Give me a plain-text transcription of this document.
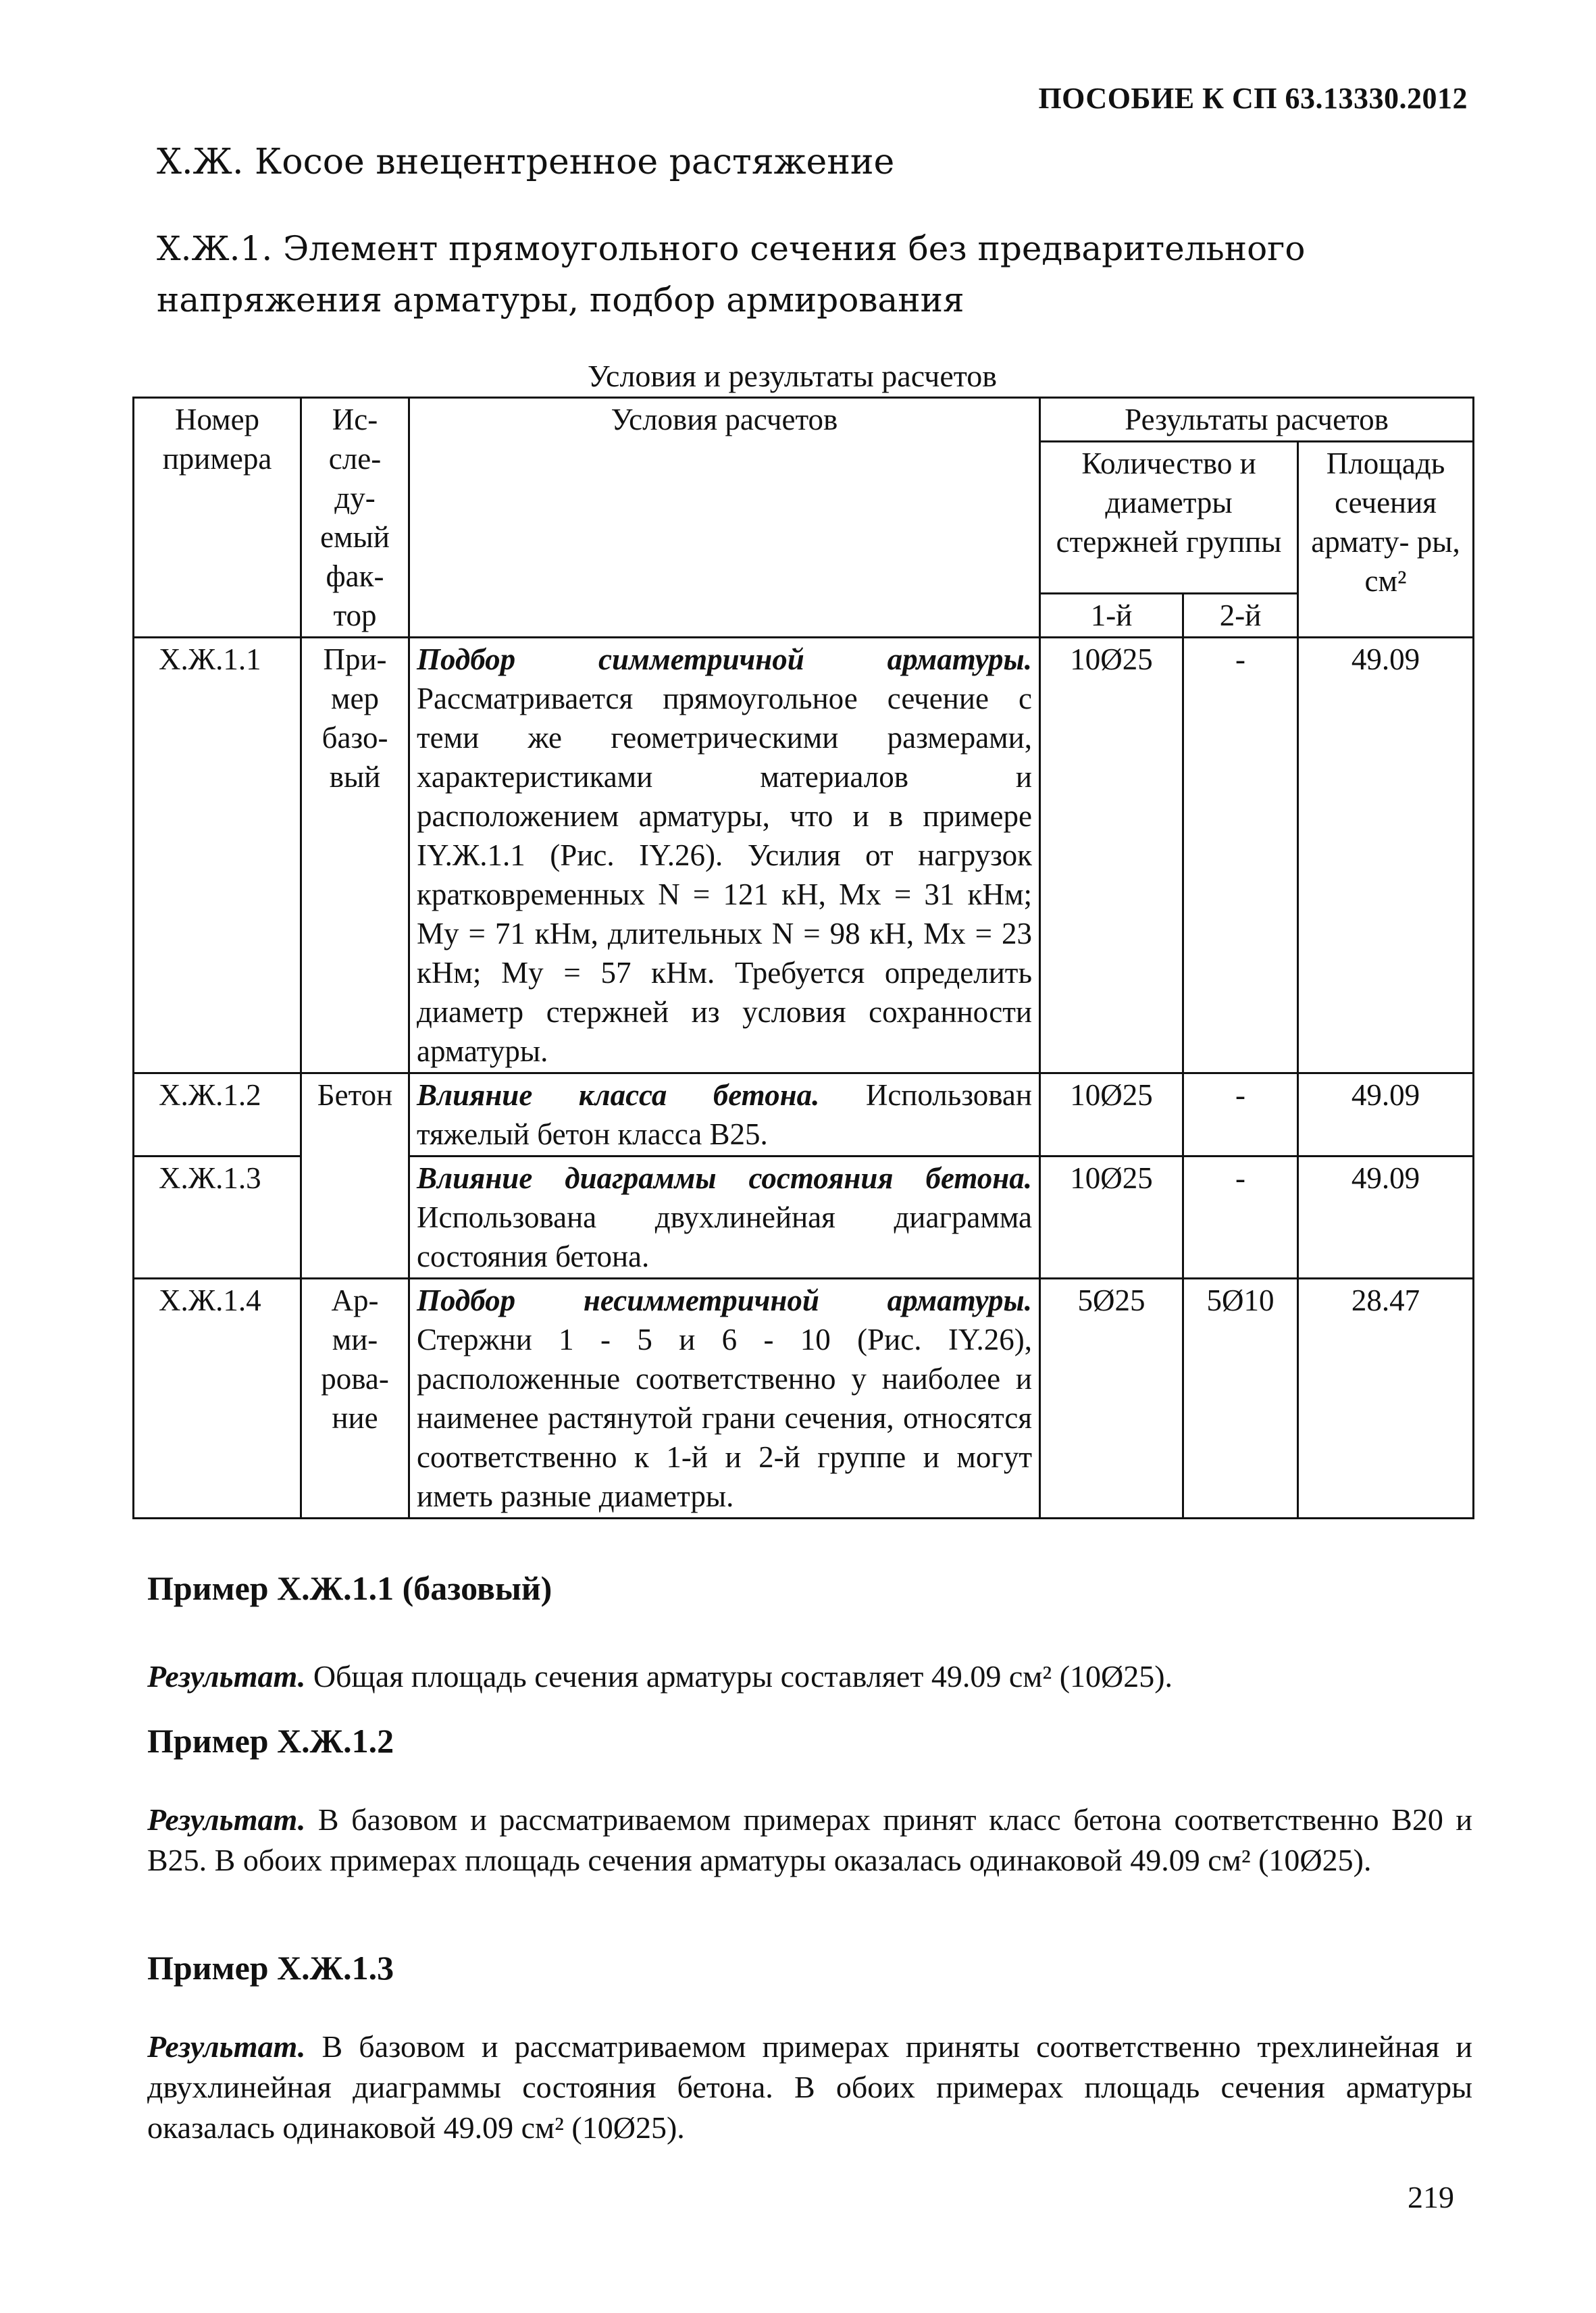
ПОСОБИЕ К СП 63.13330.2012
Х.Ж. Косое внецентренное растяжение
Х.Ж.1. Элемент прямоугольного сечения без предварительного напряжения арматуры, подбор армирования
Условия и результаты расчетов
Номер примера	Ис- сле- ду- емый фак- тор	Условия расчетов	Результаты расчетов		
			Количество и диаметры стержней группы		Площадь сечения армату- ры, см²
			1-й	2-й	
Х.Ж.1.1	При- мер базо- вый	Подбор симметричной арматуры. Рассматривается прямоугольное сечение с теми же геометрическими размерами, характеристиками материалов и расположением арматуры, что и в примере IY.Ж.1.1 (Рис. IY.26). Усилия от нагрузок кратковременных N = 121 кН, Mx = 31 кНм; My = 71 кНм, длительных N = 98 кН, Mx = 23 кНм; My = 57 кНм. Требуется определить диаметр стержней из условия сохранности арматуры.	10Ø25	-	49.09
Х.Ж.1.2	Бетон	Влияние класса бетона. Использован тяжелый бетон класса В25.	10Ø25	-	49.09
Х.Ж.1.3		Влияние диаграммы состояния бетона. Использована двухлинейная диаграмма состояния бетона.	10Ø25	-	49.09
Х.Ж.1.4	Ар- ми- рова- ние	Подбор несимметричной арматуры. Стержни 1 - 5 и 6 - 10 (Рис. IY.26), расположенные соответственно у наиболее и наименее растянутой грани сечения, относятся соответственно к 1-й и 2-й группе и могут иметь разные диаметры.	5Ø25	5Ø10	28.47
Пример Х.Ж.1.1 (базовый)

Результат. Общая площадь сечения арматуры составляет 49.09 см² (10Ø25).

Пример Х.Ж.1.2

Результат. В базовом и рассматриваемом примерах принят класс бетона соответственно В20 и В25. В обоих примерах площадь сечения арматуры оказалась одинаковой 49.09 см² (10Ø25).

Пример Х.Ж.1.3

Результат. В базовом и рассматриваемом примерах приняты соответственно трехлинейная и двухлинейная диаграммы состояния бетона. В обоих примерах площадь сечения арматуры оказалась одинаковой 49.09 см² (10Ø25).

219
